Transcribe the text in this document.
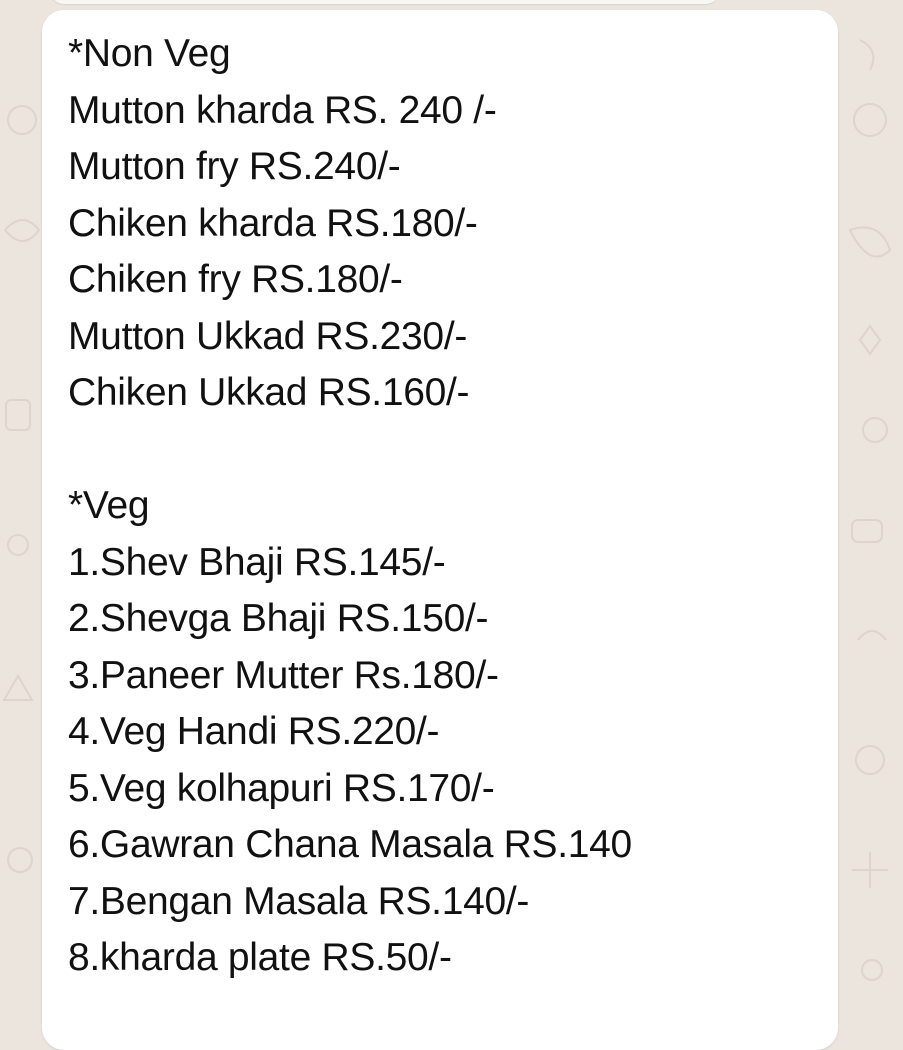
*Non Veg
Mutton kharda RS. 240 /-
Mutton fry RS.240/-
Chiken kharda RS.180/-
Chiken fry RS.180/-
Mutton Ukkad RS.230/-
Chiken Ukkad RS.160/-
*Veg
1.Shev Bhaji RS.145/-
2.Shevga Bhaji RS.150/-
3.Paneer Mutter Rs.180/-
4.Veg Handi RS.220/-
5.Veg kolhapuri RS.170/-
6.Gawran Chana Masala RS.140
7.Bengan Masala RS.140/-
8.kharda plate RS.50/-
